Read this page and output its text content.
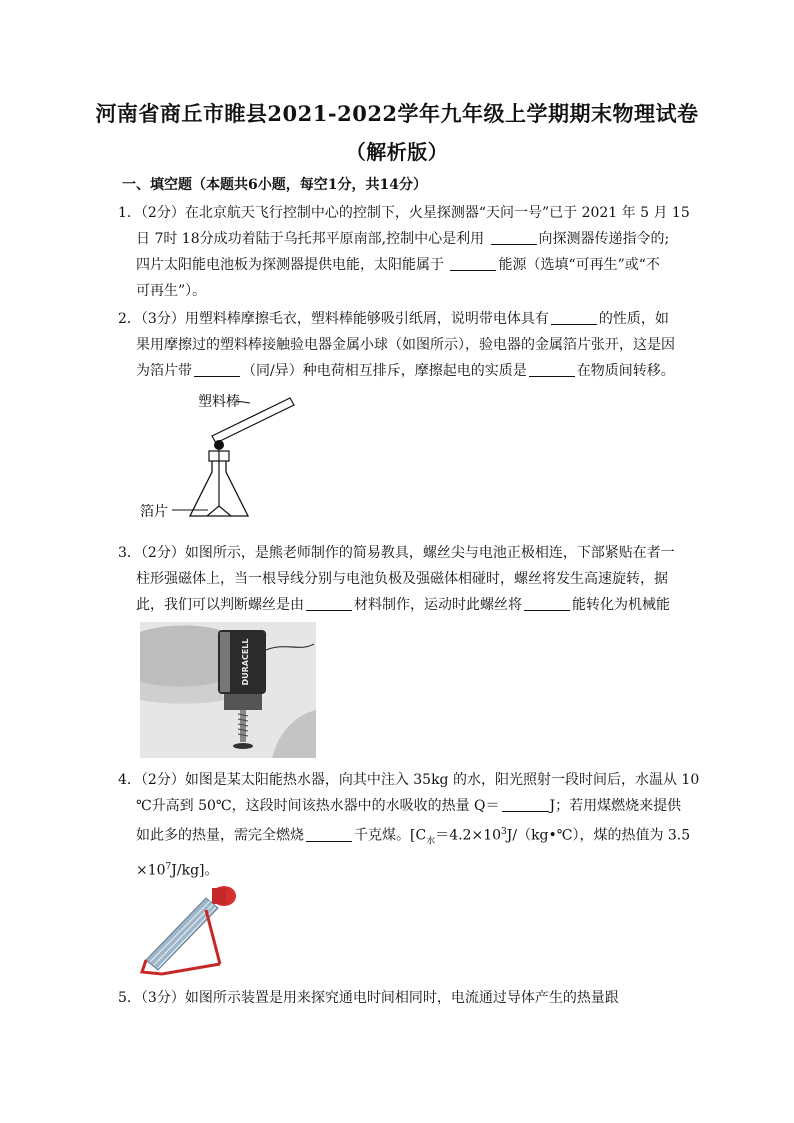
河南省商丘市睢县2021-2022学年九年级上学期期末物理试卷
（解析版）
一、填空题（本题共6小题，每空1分，共14分）

1．（2分）在北京航天飞行控制中心的控制下，火星探测器“天问一号”已于 2021 年 5 月 15

日 7时 18分成功着陆于乌托邦平原南部,控制中心是利用	向探测器传递指令的;

四片太阳能电池板为探测器提供电能，太阳能属于	能源（选填“可再生”或“不

可再生”）。

2．（3分）用塑料棒摩擦毛衣，塑料棒能够吸引纸屑，说明带电体具有	的性质，如

果用摩擦过的塑料棒接触验电器金属小球（如图所示），验电器的金属箔片张开，这是因

为箔片带	（同/异）种电荷相互排斥，摩擦起电的实质是	在物质间转移。

塑料棒
箔片

3．（2分）如图所示，是熊老师制作的简易教具，螺丝尖与电池正极相连，下部紧贴在者一

柱形强磁体上，当一根导线分别与电池负极及强磁体相碰时，螺丝将发生高速旋转，据

此，我们可以判断螺丝是由	材料制作，运动时此螺丝将	能转化为机械能

DURACELL

4．（2分）如图是某太阳能热水器，向其中注入 35kg 的水，阳光照射一段时间后，水温从 10

℃升高到 50℃，这段时间该热水器中的水吸收的热量 Q＝	J；若用煤燃烧来提供

如此多的热量，需完全燃烧	千克煤。[$C_水=4.2\times 10^3J/(kg•℃)$，煤的热值为 3.5

$\times 10^7J/kg$]。

5．（3分）如图所示装置是用来探究通电时间相同时，电流通过导体产生的热量跟
